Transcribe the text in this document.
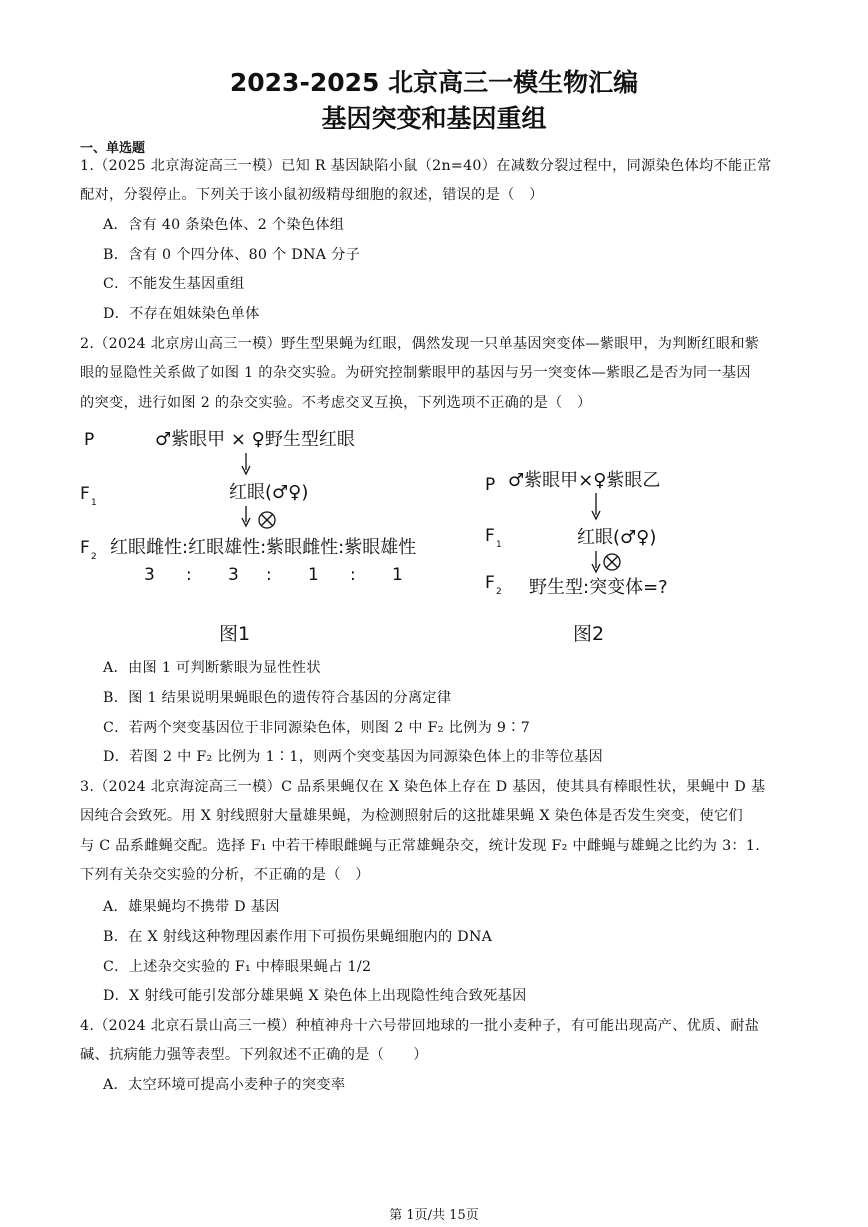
2023-2025 北京高三一模生物汇编
基因突变和基因重组
一、单选题
1.（2025 北京海淀高三一模）已知 R 基因缺陷小鼠（2n=40）在减数分裂过程中，同源染色体均不能正常
配对，分裂停止。下列关于该小鼠初级精母细胞的叙述，错误的是（　）
A．含有 40 条染色体、2 个染色体组
B．含有 0 个四分体、80 个 DNA 分子
C．不能发生基因重组
D．不存在姐妹染色单体
2.（2024 北京房山高三一模）野生型果蝇为红眼，偶然发现一只单基因突变体—紫眼甲，为判断红眼和紫
眼的显隐性关系做了如图 1 的杂交实验。为研究控制紫眼甲的基因与另一突变体—紫眼乙是否为同一基因
的突变，进行如图 2 的杂交实验。不考虑交叉互换，下列选项不正确的是（　）
P	♂紫眼甲 × ♀野生型红眼
F 1	红眼(♂♀)
F 2 红眼雌性:红眼雄性:紫眼雌性:紫眼雄性
3 : 3 : 1 : 1
图1
P ♂紫眼甲×♀紫眼乙
F 1	红眼(♂♀)
F 2 野生型:突变体=?
图2
A．由图 1 可判断紫眼为显性性状
B．图 1 结果说明果蝇眼色的遗传符合基因的分离定律
C．若两个突变基因位于非同源染色体，则图 2 中 F₂ 比例为 9∶7
D．若图 2 中 F₂ 比例为 1∶1，则两个突变基因为同源染色体上的非等位基因
3.（2024 北京海淀高三一模）C 品系果蝇仅在 X 染色体上存在 D 基因，使其具有棒眼性状，果蝇中 D 基
因纯合会致死。用 X 射线照射大量雄果蝇，为检测照射后的这批雄果蝇 X 染色体是否发生突变，使它们
与 C 品系雌蝇交配。选择 F₁ 中若干棒眼雌蝇与正常雄蝇杂交，统计发现 F₂ 中雌蝇与雄蝇之比约为 3：1.
下列有关杂交实验的分析，不正确的是（　）
A．雄果蝇均不携带 D 基因
B．在 X 射线这种物理因素作用下可损伤果蝇细胞内的 DNA
C．上述杂交实验的 F₁ 中棒眼果蝇占 1/2
D．X 射线可能引发部分雄果蝇 X 染色体上出现隐性纯合致死基因
4.（2024 北京石景山高三一模）种植神舟十六号带回地球的一批小麦种子，有可能出现高产、优质、耐盐
碱、抗病能力强等表型。下列叙述不正确的是（　　）
A．太空环境可提高小麦种子的突变率
第 1页/共 15页
